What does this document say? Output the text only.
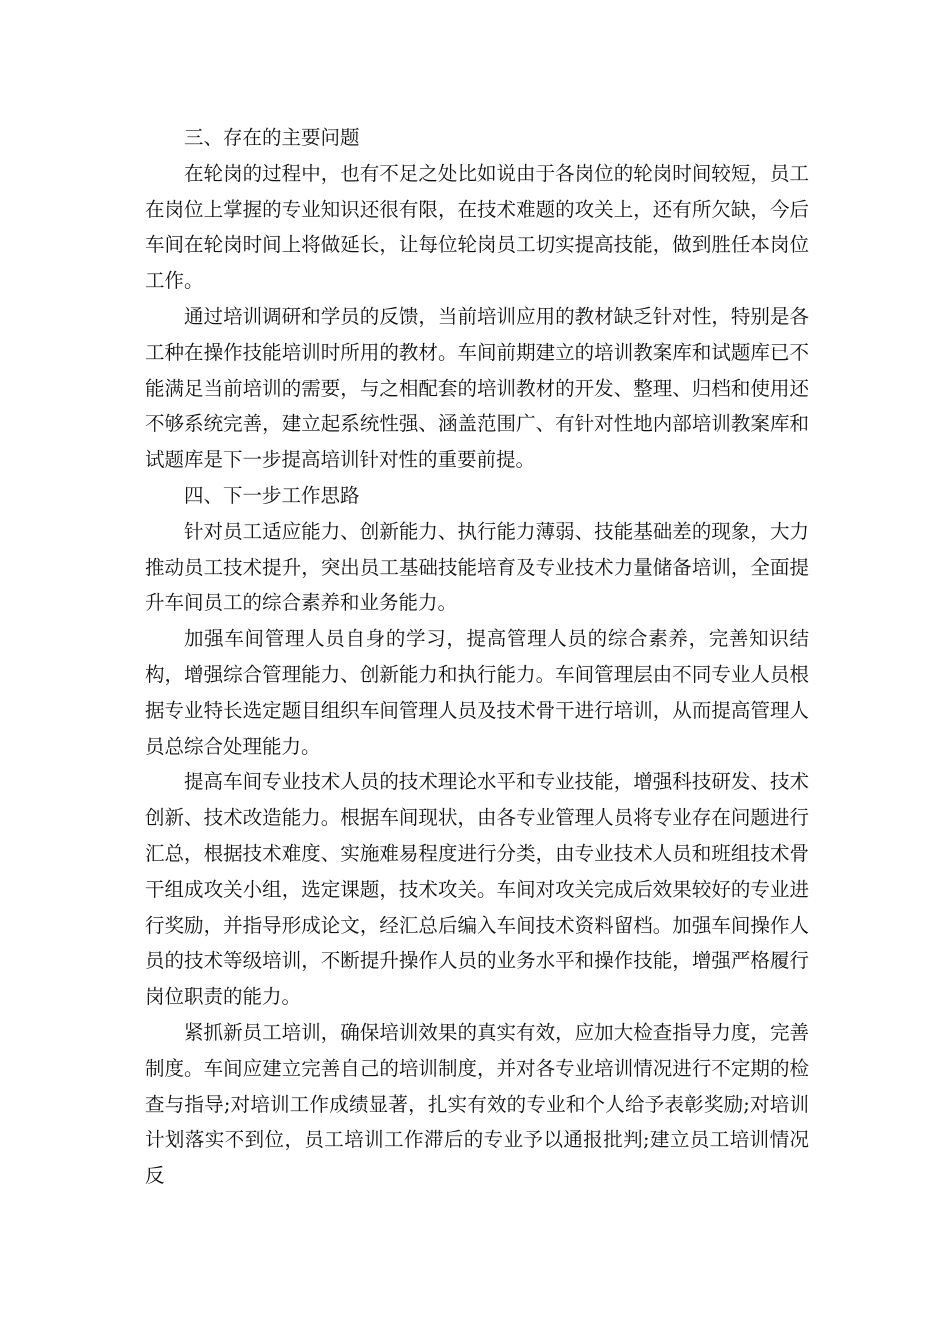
三、存在的主要问题

在轮岗的过程中，也有不足之处比如说由于各岗位的轮岗时间较短，员工在岗位上掌握的专业知识还很有限，在技术难题的攻关上，还有所欠缺，今后车间在轮岗时间上将做延长，让每位轮岗员工切实提高技能，做到胜任本岗位工作。

通过培训调研和学员的反馈，当前培训应用的教材缺乏针对性，特别是各工种在操作技能培训时所用的教材。车间前期建立的培训教案库和试题库已不能满足当前培训的需要，与之相配套的培训教材的开发、整理、归档和使用还不够系统完善，建立起系统性强、涵盖范围广、有针对性地内部培训教案库和试题库是下一步提高培训针对性的重要前提。

四、下一步工作思路

针对员工适应能力、创新能力、执行能力薄弱、技能基础差的现象，大力推动员工技术提升，突出员工基础技能培育及专业技术力量储备培训，全面提升车间员工的综合素养和业务能力。

加强车间管理人员自身的学习，提高管理人员的综合素养，完善知识结构，增强综合管理能力、创新能力和执行能力。车间管理层由不同专业人员根据专业特长选定题目组织车间管理人员及技术骨干进行培训，从而提高管理人员总综合处理能力。

提高车间专业技术人员的技术理论水平和专业技能，增强科技研发、技术创新、技术改造能力。根据车间现状，由各专业管理人员将专业存在问题进行汇总，根据技术难度、实施难易程度进行分类，由专业技术人员和班组技术骨干组成攻关小组，选定课题，技术攻关。车间对攻关完成后效果较好的专业进行奖励，并指导形成论文，经汇总后编入车间技术资料留档。加强车间操作人员的技术等级培训，不断提升操作人员的业务水平和操作技能，增强严格履行岗位职责的能力。

紧抓新员工培训，确保培训效果的真实有效，应加大检查指导力度，完善制度。车间应建立完善自己的培训制度，并对各专业培训情况进行不定期的检查与指导;对培训工作成绩显著，扎实有效的专业和个人给予表彰奖励;对培训计划落实不到位，员工培训工作滞后的专业予以通报批判;建立员工培训情况反
